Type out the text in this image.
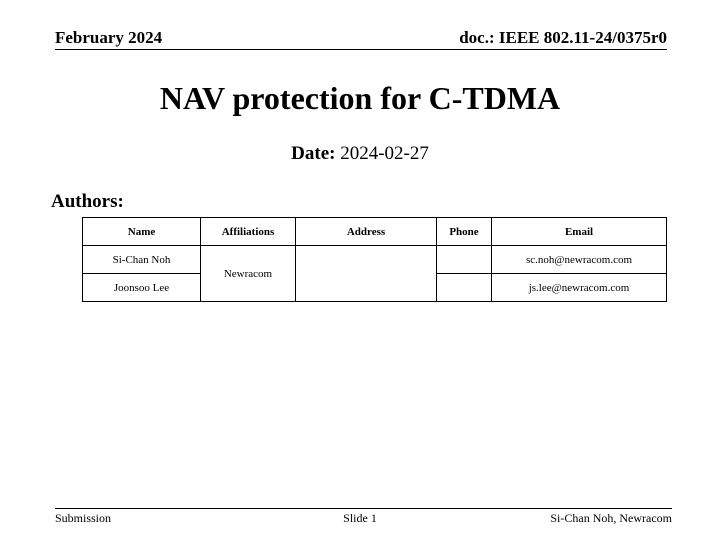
February 2024	doc.: IEEE 802.11-24/0375r0
NAV protection for C-TDMA
Date: 2024-02-27
Authors:
Name	Affiliations	Address	Phone	Email
Si-Chan Noh	Newracom			sc.noh@newracom.com
Joonsoo Lee				js.lee@newracom.com
Submission	Slide 1	Si-Chan Noh, Newracom
